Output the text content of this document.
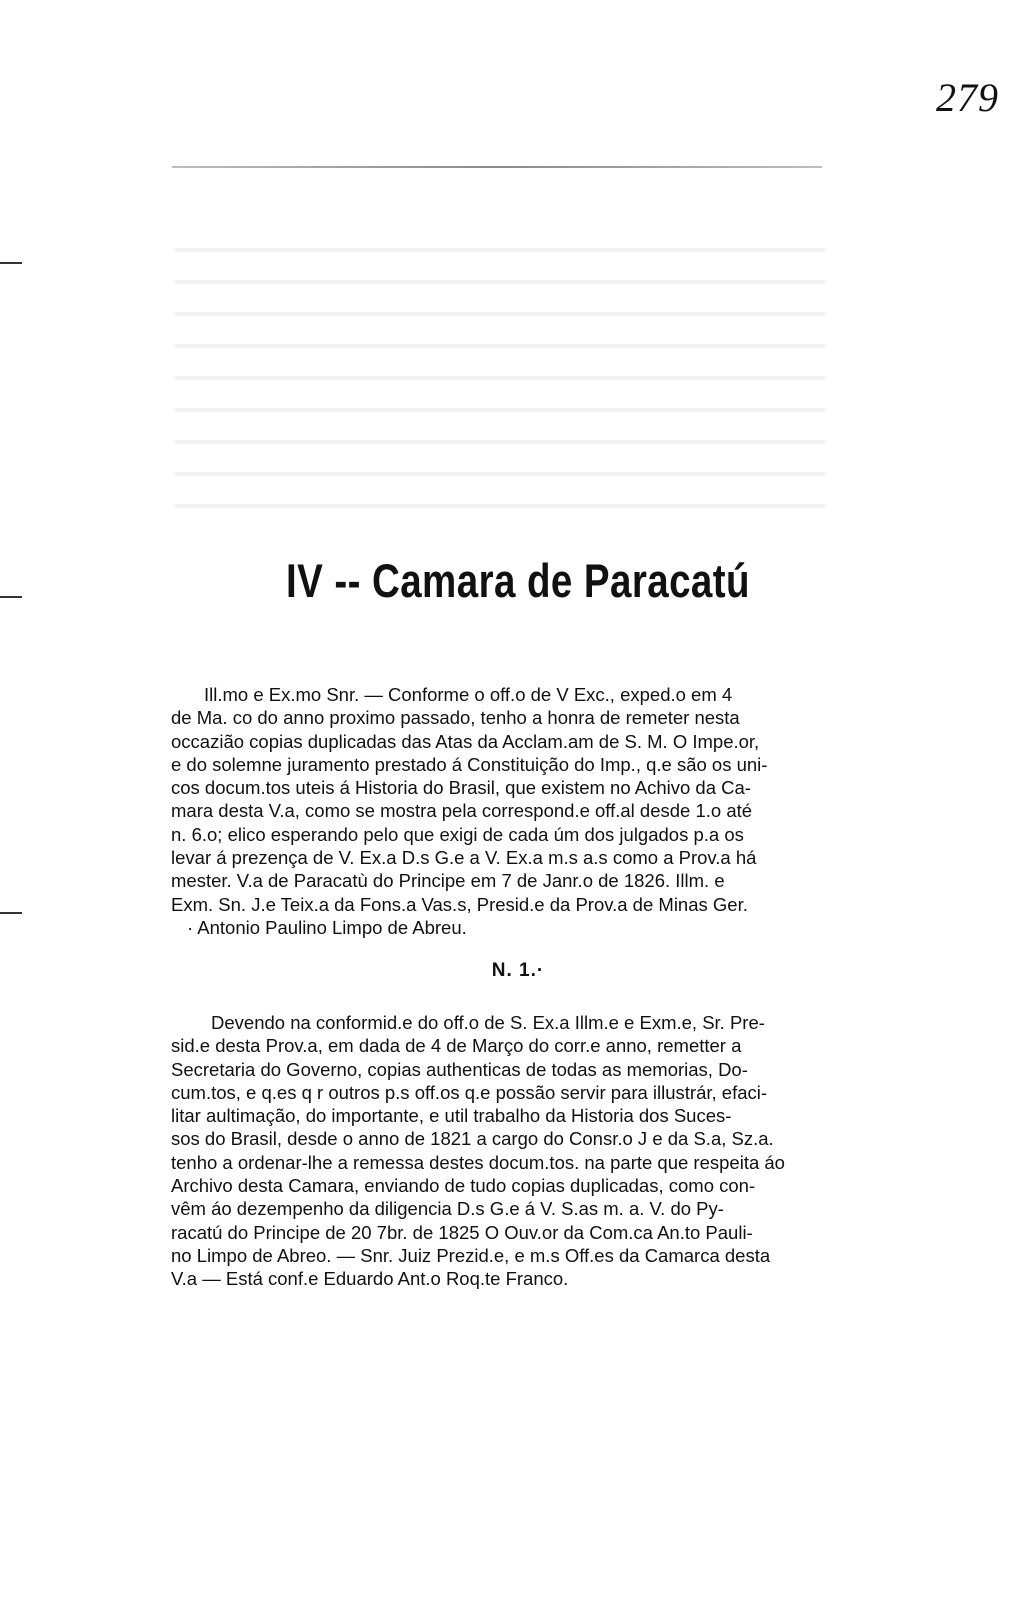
279
IV -- Camara de Paracatú
Ill.mo e Ex.mo Snr. — Conforme o off.o de V Exc., exped.o em 4
de Ma. co do anno proximo passado, tenho a honra de remeter nesta
occazião copias duplicadas das Atas da Acclam.am de S. M. O Impe.or,
e do solemne juramento prestado á Constituição do Imp., q.e são os uni-
cos docum.tos uteis á Historia do Brasil, que existem no Achivo da Ca-
mara desta V.a, como se mostra pela correspond.e off.al desde 1.o até
n. 6.o; elico esperando pelo que exigi de cada úm dos julgados p.a os
levar á prezença de V. Ex.a D.s G.e a V. Ex.a m.s a.s como a Prov.a há
mester. V.a de Paracatù do Principe em 7 de Janr.o de 1826. Illm. e
Exm. Sn. J.e Teix.a da Fons.a Vas.s, Presid.e da Prov.a de Minas Ger.
· Antonio Paulino Limpo de Abreu.
N. 1.·
Devendo na conformid.e do off.o de S. Ex.a Illm.e e Exm.e, Sr. Pre-
sid.e desta Prov.a, em dada de 4 de Março do corr.e anno, remetter a
Secretaria do Governo, copias authenticas de todas as memorias, Do-
cum.tos, e q.es q r outros p.s off.os q.e possão servir para illustrár, efaci-
litar aultimação, do importante, e util trabalho da Historia dos Suces-
sos do Brasil, desde o anno de 1821 a cargo do Consr.o J e da S.a, Sz.a.
tenho a ordenar-lhe a remessa destes docum.tos. na parte que respeita áo
Archivo desta Camara, enviando de tudo copias duplicadas, como con-
vêm áo dezempenho da diligencia D.s G.e á V. S.as m. a. V. do Py-
racatú do Principe de 20 7br. de 1825 O Ouv.or da Com.ca An.to Pauli-
no Limpo de Abreo. — Snr. Juiz Prezid.e, e m.s Off.es da Camarca desta
V.a — Está conf.e Eduardo Ant.o Roq.te Franco.
